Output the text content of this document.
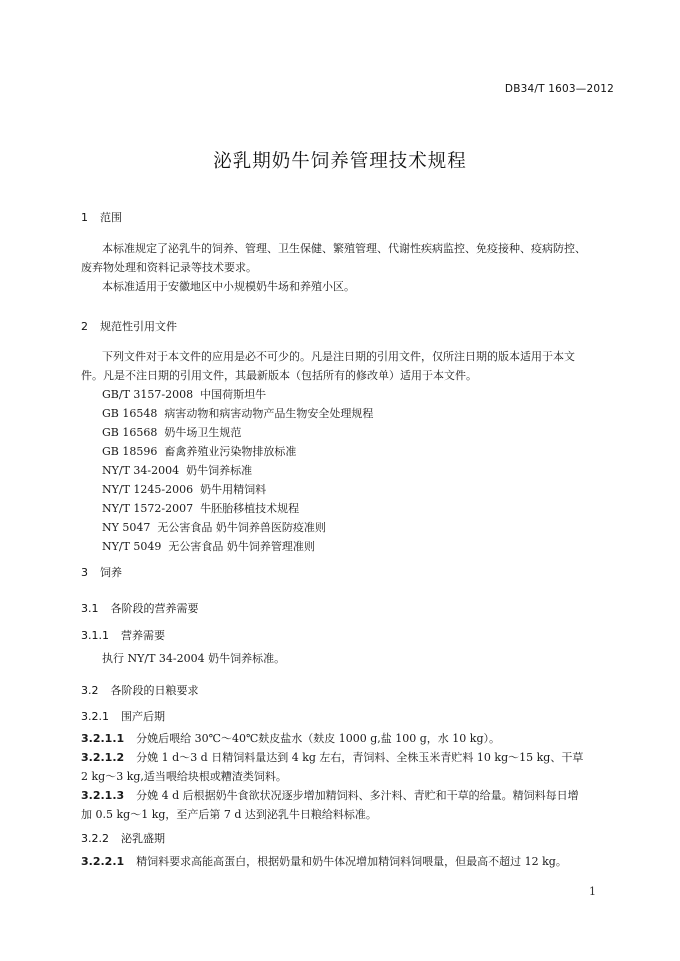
DB34/T 1603—2012
泌乳期奶牛饲养管理技术规程
1 范围
本标准规定了泌乳牛的饲养、管理、卫生保健、繁殖管理、代谢性疾病监控、免疫接种、疫病防控、
废弃物处理和资料记录等技术要求。
本标准适用于安徽地区中小规模奶牛场和养殖小区。
2 规范性引用文件
下列文件对于本文件的应用是必不可少的。凡是注日期的引用文件，仅所注日期的版本适用于本文
件。凡是不注日期的引用文件，其最新版本（包括所有的修改单）适用于本文件。
GB/T 3157-2008  中国荷斯坦牛
GB 16548  病害动物和病害动物产品生物安全处理规程
GB 16568  奶牛场卫生规范
GB 18596  畜禽养殖业污染物排放标准
NY/T 34-2004  奶牛饲养标准
NY/T 1245-2006  奶牛用精饲料
NY/T 1572-2007  牛胚胎移植技术规程
NY 5047  无公害食品 奶牛饲养兽医防疫准则
NY/T 5049  无公害食品 奶牛饲养管理准则
3 饲养
3.1 各阶段的营养需要
3.1.1 营养需要
执行 NY/T 34-2004 奶牛饲养标准。
3.2 各阶段的日粮要求
3.2.1 围产后期
3.2.1.1 分娩后喂给 30℃～40℃麸皮盐水（麸皮 1000 g,盐 100 g，水 10 kg）。
3.2.1.2 分娩 1 d～3 d 日精饲料量达到 4 kg 左右，青饲料、全株玉米青贮料 10 kg～15 kg、干草
2 kg～3 kg,适当喂给块根或糟渣类饲料。
3.2.1.3 分娩 4 d 后根据奶牛食欲状况逐步增加精饲料、多汁料、青贮和干草的给量。精饲料每日增
加 0.5 kg～1 kg，至产后第 7 d 达到泌乳牛日粮给料标准。
3.2.2 泌乳盛期
3.2.2.1 精饲料要求高能高蛋白，根据奶量和奶牛体况增加精饲料饲喂量，但最高不超过 12 kg。
1
